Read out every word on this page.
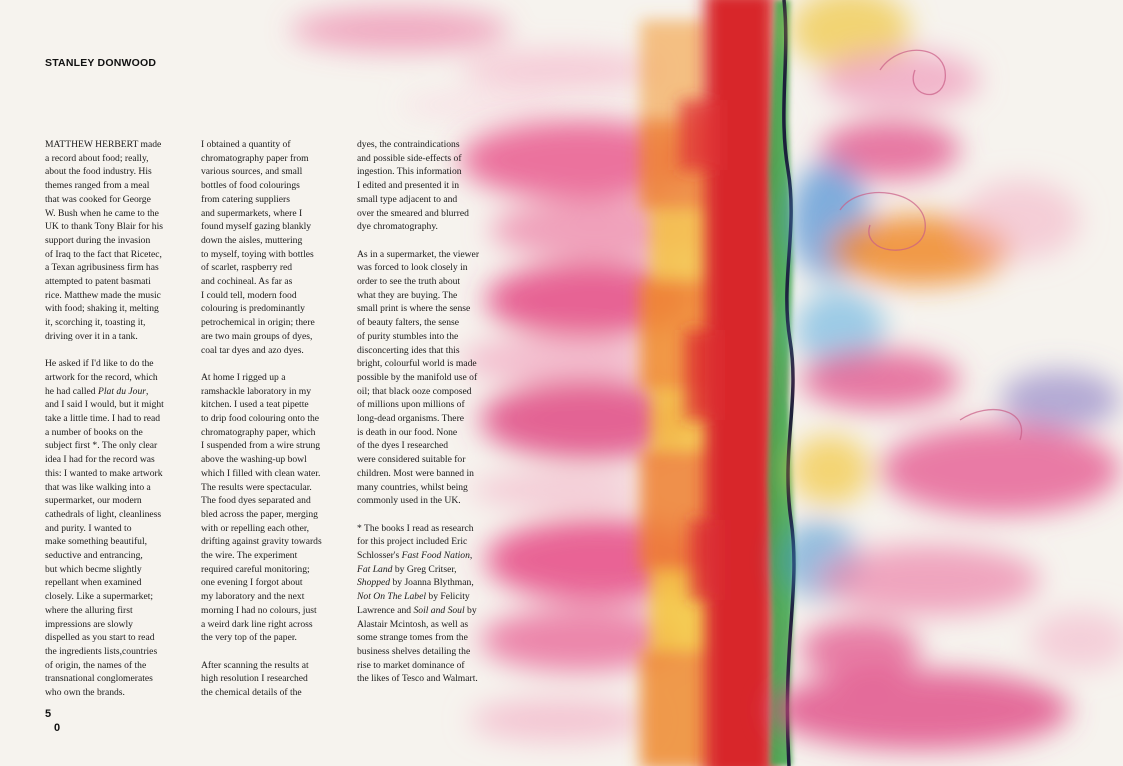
STANLEY DONWOOD

MATTHEW HERBERT made
a record about food; really,
about the food industry. His
themes ranged from a meal
that was cooked for George
W. Bush when he came to the
UK to thank Tony Blair for his
support during the invasion
of Iraq to the fact that Ricetec,
a Texan agribusiness firm has
attempted to patent basmati
rice. Matthew made the music
with food; shaking it, melting
it, scorching it, toasting it,
driving over it in a tank.

He asked if I'd like to do the
artwork for the record, which
he had called Plat du Jour,
and I said I would, but it might
take a little time. I had to read
a number of books on the
subject first *. The only clear
idea I had for the record was
this: I wanted to make artwork
that was like walking into a
supermarket, our modern
cathedrals of light, cleanliness
and purity. I wanted to
make something beautiful,
seductive and entrancing,
but which becme slightly
repellant when examined
closely. Like a supermarket;
where the alluring first
impressions are slowly
dispelled as you start to read
the ingredients lists,countries
of origin, the names of the
transnational conglomerates
who own the brands.

I obtained a quantity of
chromatography paper from
various sources, and small
bottles of food colourings
from catering suppliers
and supermarkets, where I
found myself gazing blankly
down the aisles, muttering
to myself, toying with bottles
of scarlet, raspberry red
and cochineal. As far as
I could tell, modern food
colouring is predominantly
petrochemical in origin; there
are two main groups of dyes,
coal tar dyes and azo dyes.

At home I rigged up a
ramshackle laboratory in my
kitchen. I used a teat pipette
to drip food colouring onto the
chromatography paper, which
I suspended from a wire strung
above the washing-up bowl
which I filled with clean water.
The results were spectacular.
The food dyes separated and
bled across the paper, merging
with or repelling each other,
drifting against gravity towards
the wire. The experiment
required careful monitoring;
one evening I forgot about
my laboratory and the next
morning I had no colours, just
a weird dark line right across
the very top of the paper.

After scanning the results at
high resolution I researched
the chemical details of the

dyes, the contraindications
and possible side-effects of
ingestion. This information
I edited and presented it in
small type adjacent to and
over the smeared and blurred
dye chromatography.

As in a supermarket, the viewer
was forced to look closely in
order to see the truth about
what they are buying. The
small print is where the sense
of beauty falters, the sense
of purity stumbles into the
disconcerting ides that this
bright, colourful world is made
possible by the manifold use of
oil; that black ooze composed
of millions upon millions of
long-dead organisms. There
is death in our food. None
of the dyes I researched
were considered suitable for
children. Most were banned in
many countries, whilst being
commonly used in the UK.

* The books I read as research
for this project included Eric
Schlosser's Fast Food Nation,
Fat Land by Greg Critser,
Shopped by Joanna Blythman,
Not On The Label by Felicity
Lawrence and Soil and Soul by
Alastair Mcintosh, as well as
some strange tomes from the
business shelves detailing the
rise to market dominance of
the likes of Tesco and Walmart.

5
0
